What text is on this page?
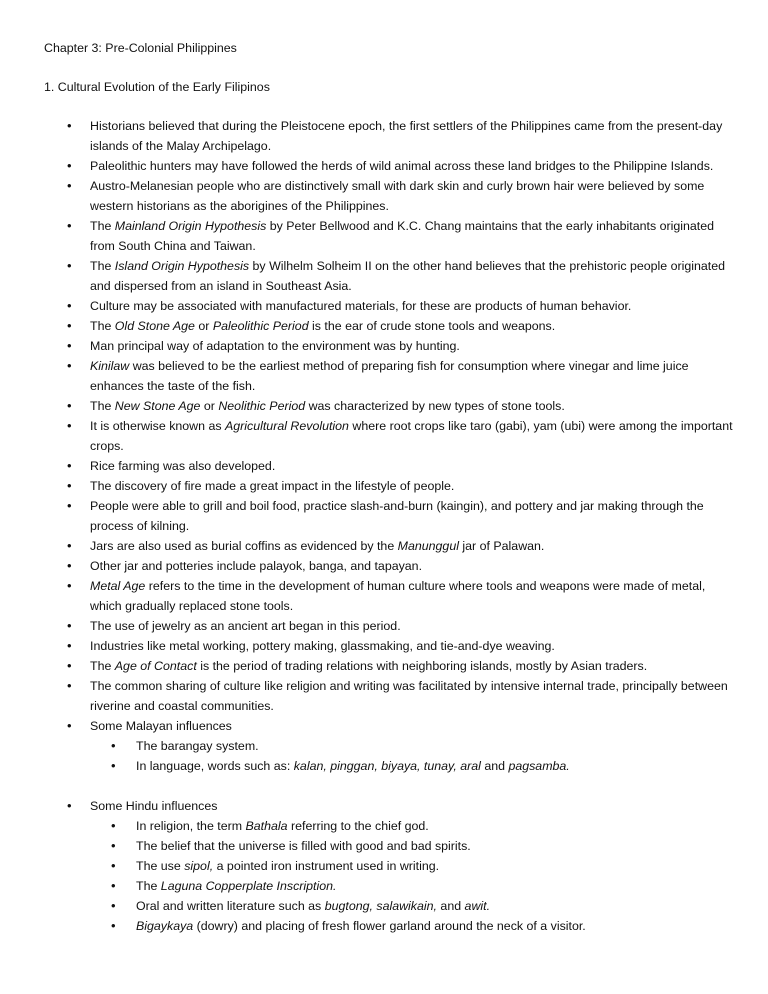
Chapter 3: Pre-Colonial Philippines
1. Cultural Evolution of the Early Filipinos
• Historians believed that during the Pleistocene epoch, the first settlers of the Philippines came from the present-day islands of the Malay Archipelago.
• Paleolithic hunters may have followed the herds of wild animal across these land bridges to the Philippine Islands.
• Austro-Melanesian people who are distinctively small with dark skin and curly brown hair were believed by some western historians as the aborigines of the Philippines.
• The Mainland Origin Hypothesis by Peter Bellwood and K.C. Chang maintains that the early inhabitants originated from South China and Taiwan.
• The Island Origin Hypothesis by Wilhelm Solheim II on the other hand believes that the prehistoric people originated and dispersed from an island in Southeast Asia.
• Culture may be associated with manufactured materials, for these are products of human behavior.
• The Old Stone Age or Paleolithic Period is the ear of crude stone tools and weapons.
• Man principal way of adaptation to the environment was by hunting.
• Kinilaw was believed to be the earliest method of preparing fish for consumption where vinegar and lime juice enhances the taste of the fish.
• The New Stone Age or Neolithic Period was characterized by new types of stone tools.
• It is otherwise known as Agricultural Revolution where root crops like taro (gabi), yam (ubi) were among the important crops.
• Rice farming was also developed.
• The discovery of fire made a great impact in the lifestyle of people.
• People were able to grill and boil food, practice slash-and-burn (kaingin), and pottery and jar making through the process of kilning.
• Jars are also used as burial coffins as evidenced by the Manunggul jar of Palawan.
• Other jar and potteries include palayok, banga, and tapayan.
• Metal Age refers to the time in the development of human culture where tools and weapons were made of metal, which gradually replaced stone tools.
• The use of jewelry as an ancient art began in this period.
• Industries like metal working, pottery making, glassmaking, and tie-and-dye weaving.
• The Age of Contact is the period of trading relations with neighboring islands, mostly by Asian traders.
• The common sharing of culture like religion and writing was facilitated by intensive internal trade, principally between riverine and coastal communities.
• Some Malayan influences
• The barangay system.
• In language, words such as: kalan, pinggan, biyaya, tunay, aral and pagsamba.
• Some Hindu influences
• In religion, the term Bathala referring to the chief god.
• The belief that the universe is filled with good and bad spirits.
• The use sipol, a pointed iron instrument used in writing.
• The Laguna Copperplate Inscription.
• Oral and written literature such as bugtong, salawikain, and awit.
• Bigaykaya (dowry) and placing of fresh flower garland around the neck of a visitor.
